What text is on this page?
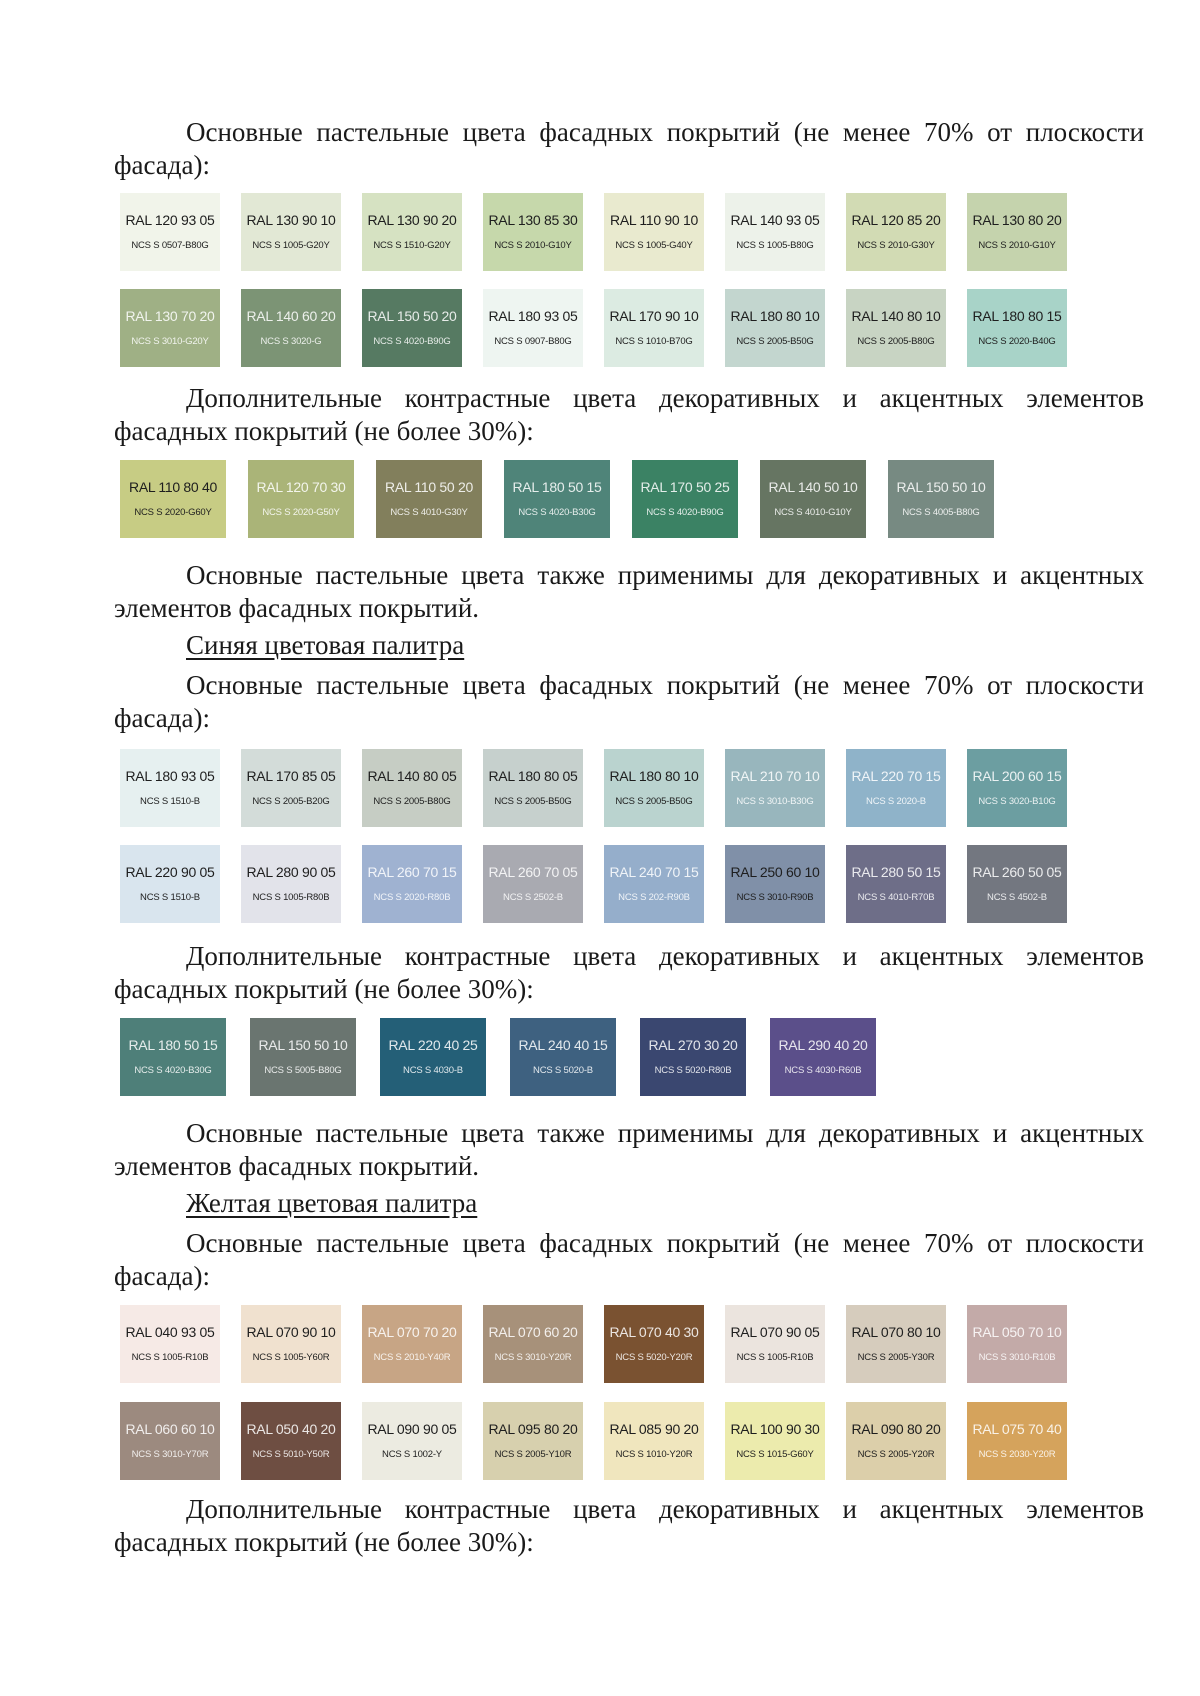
Основные пастельные цвета фасадных покрытий (не менее 70% от плоскости фасада):

Дополнительные контрастные цвета декоративных и акцентных элементов фасадных покрытий (не более 30%):

Основные пастельные цвета также применимы для декоративных и акцентных элементов фасадных покрытий.

Синяя цветовая палитра

Основные пастельные цвета фасадных покрытий (не менее 70% от плоскости фасада):

Дополнительные контрастные цвета декоративных и акцентных элементов фасадных покрытий (не более 30%):

Основные пастельные цвета также применимы для декоративных и акцентных элементов фасадных покрытий.

Желтая цветовая палитра

Основные пастельные цвета фасадных покрытий (не менее 70% от плоскости фасада):

Дополнительные контрастные цвета декоративных и акцентных элементов фасадных покрытий (не более 30%):

RAL 120 93 05
NCS S 0507-B80G
RAL 130 90 10
NCS S 1005-G20Y
RAL 130 90 20
NCS S 1510-G20Y
RAL 130 85 30
NCS S 2010-G10Y
RAL 110 90 10
NCS S 1005-G40Y
RAL 140 93 05
NCS S 1005-B80G
RAL 120 85 20
NCS S 2010-G30Y
RAL 130 80 20
NCS S 2010-G10Y
RAL 130 70 20
NCS S 3010-G20Y
RAL 140 60 20
NCS S 3020-G
RAL 150 50 20
NCS S 4020-B90G
RAL 180 93 05
NCS S 0907-B80G
RAL 170 90 10
NCS S 1010-B70G
RAL 180 80 10
NCS S 2005-B50G
RAL 140 80 10
NCS S 2005-B80G
RAL 180 80 15
NCS S 2020-B40G
RAL 110 80 40
NCS S 2020-G60Y
RAL 120 70 30
NCS S 2020-G50Y
RAL 110 50 20
NCS S 4010-G30Y
RAL 180 50 15
NCS S 4020-B30G
RAL 170 50 25
NCS S 4020-B90G
RAL 140 50 10
NCS S 4010-G10Y
RAL 150 50 10
NCS S 4005-B80G
RAL 180 93 05
NCS S 1510-B
RAL 170 85 05
NCS S 2005-B20G
RAL 140 80 05
NCS S 2005-B80G
RAL 180 80 05
NCS S 2005-B50G
RAL 180 80 10
NCS S 2005-B50G
RAL 210 70 10
NCS S 3010-B30G
RAL 220 70 15
NCS S 2020-B
RAL 200 60 15
NCS S 3020-B10G
RAL 220 90 05
NCS S 1510-B
RAL 280 90 05
NCS S 1005-R80B
RAL 260 70 15
NCS S 2020-R80B
RAL 260 70 05
NCS S 2502-B
RAL 240 70 15
NCS S 202-R90B
RAL 250 60 10
NCS S 3010-R90B
RAL 280 50 15
NCS S 4010-R70B
RAL 260 50 05
NCS S 4502-B
RAL 180 50 15
NCS S 4020-B30G
RAL 150 50 10
NCS S 5005-B80G
RAL 220 40 25
NCS S 4030-B
RAL 240 40 15
NCS S 5020-B
RAL 270 30 20
NCS S 5020-R80B
RAL 290 40 20
NCS S 4030-R60B
RAL 040 93 05
NCS S 1005-R10B
RAL 070 90 10
NCS S 1005-Y60R
RAL 070 70 20
NCS S 2010-Y40R
RAL 070 60 20
NCS S 3010-Y20R
RAL 070 40 30
NCS S 5020-Y20R
RAL 070 90 05
NCS S 1005-R10B
RAL 070 80 10
NCS S 2005-Y30R
RAL 050 70 10
NCS S 3010-R10B
RAL 060 60 10
NCS S 3010-Y70R
RAL 050 40 20
NCS S 5010-Y50R
RAL 090 90 05
NCS S 1002-Y
RAL 095 80 20
NCS S 2005-Y10R
RAL 085 90 20
NCS S 1010-Y20R
RAL 100 90 30
NCS S 1015-G60Y
RAL 090 80 20
NCS S 2005-Y20R
RAL 075 70 40
NCS S 2030-Y20R
